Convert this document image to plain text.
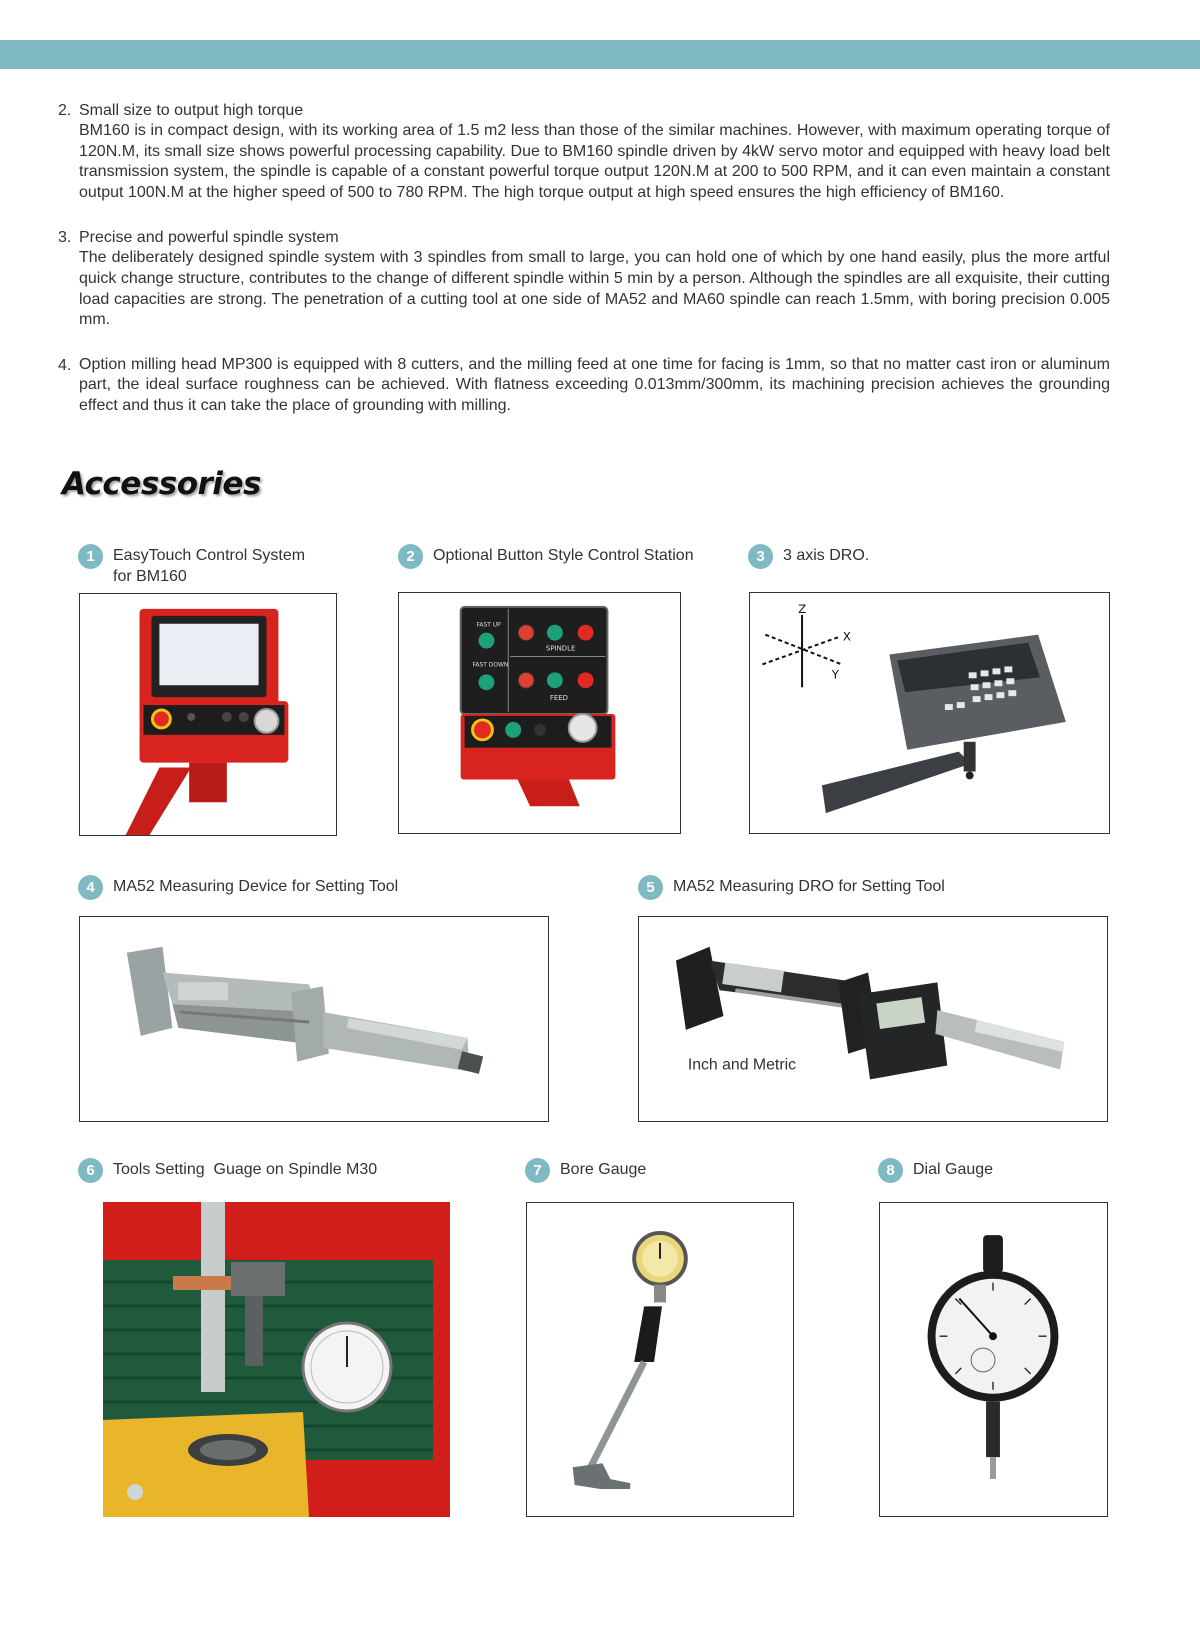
2. Small size to output high torque
BM160 is in compact design, with its working area of 1.5 m2 less than those of the similar machines. However, with maximum operating torque of 120N.M, its small size shows powerful processing capability. Due to BM160 spindle driven by 4kW servo motor and equipped with heavy load belt transmission system, the spindle is capable of a constant powerful torque output 120N.M at 200 to 500 RPM, and it can even maintain a constant output 100N.M at the higher speed of 500 to 780 RPM. The high torque output at high speed ensures the high efficiency of BM160.
3. Precise and powerful spindle system
The deliberately designed spindle system with 3 spindles from small to large, you can hold one of which by one hand easily, plus the more artful quick change structure, contributes to the change of different spindle within 5 min by a person. Although the spindles are all exquisite, their cutting load capacities are strong. The penetration of a cutting tool at one side of MA52 and MA60 spindle can reach 1.5mm, with boring precision 0.005 mm.
4. Option milling head MP300 is equipped with 8 cutters, and the milling feed at one time for facing is 1mm, so that no matter cast iron or aluminum part, the ideal surface roughness can be achieved. With flatness exceeding 0.013mm/300mm, its machining precision achieves the grounding effect and thus it can take the place of grounding with milling.
Accessories
1	EasyTouch Control System for BM160
2	Optional Button Style Control Station
FAST UP
FAST DOWN
SPINDLE
FEED
3	3 axis DRO.
Z
X
Y
4	MA52 Measuring Device for Setting Tool	5	MA52 Measuring DRO for Setting Tool
Inch and Metric
6	Tools Setting  Guage on Spindle M30	7	Bore Gauge	8	Dial Gauge
